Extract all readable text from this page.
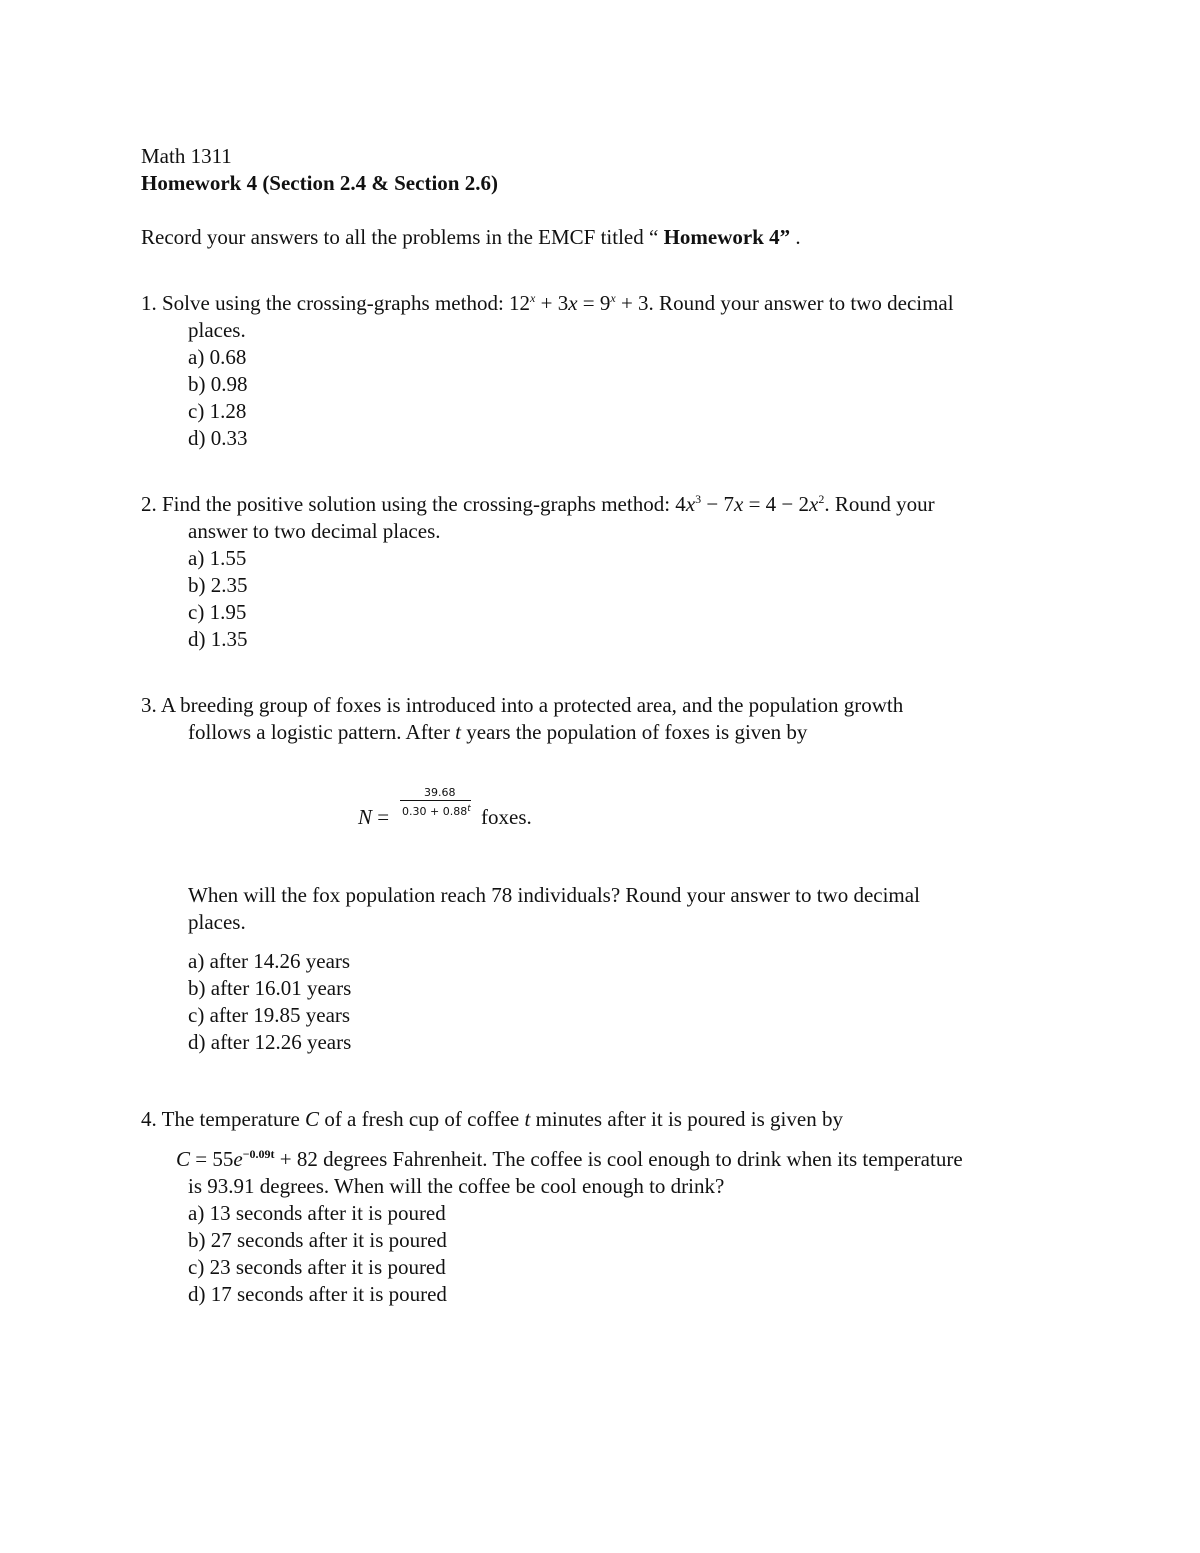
Math 1311
Homework 4 (Section 2.4 & Section 2.6)
Record your answers to all the problems in the EMCF titled “ Homework 4” .
1. Solve using the crossing-graphs method: $12^x + 3x = 9^x + 3$. Round your answer to two decimal
places.
a) 0.68
b) 0.98
c) 1.28
d) 0.33
2. Find the positive solution using the crossing-graphs method: $4x^3 - 7x = 4 - 2x^2$. Round your
answer to two decimal places.
a) 1.55
b) 2.35
c) 1.95
d) 1.35
3. A breeding group of foxes is introduced into a protected area, and the population growth
follows a logistic pattern. After t years the population of foxes is given by
N =
39.68
$0.30 + 0.88^t$ foxes.
When will the fox population reach 78 individuals? Round your answer to two decimal
places.
a) after 14.26 years
b) after 16.01 years
c) after 19.85 years
d) after 12.26 years
4. The temperature C of a fresh cup of coffee t minutes after it is poured is given by
$C = 55e^{-0.09t} + 82$ degrees Fahrenheit. The coffee is cool enough to drink when its temperature
is 93.91 degrees. When will the coffee be cool enough to drink?
a) 13 seconds after it is poured
b) 27 seconds after it is poured
c) 23 seconds after it is poured
d) 17 seconds after it is poured
